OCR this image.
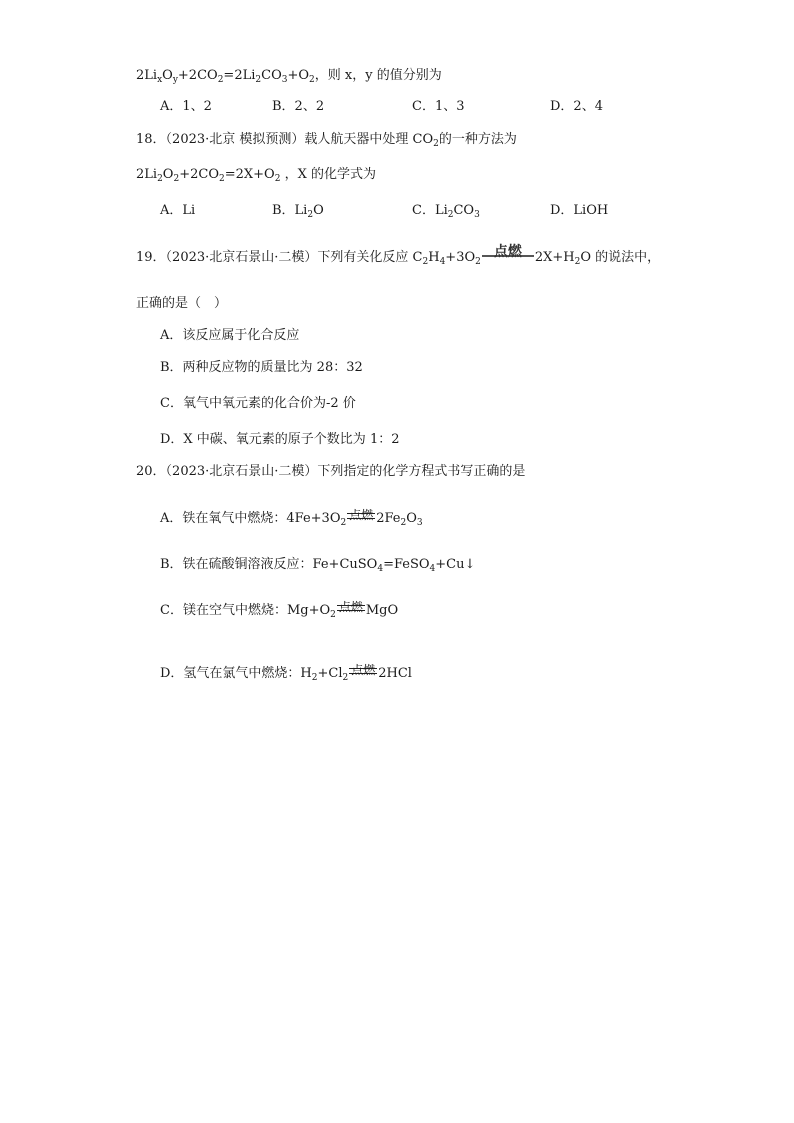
$2Li_xO_y+2CO_2=2Li_2CO_3+O_2$，则 x，y 的值分别为
A．1、2	B．2、2	C．1、3	D．2、4
18．（2023·北京 模拟预测）载人航天器中处理 $CO_2$的一种方法为
$2Li_2O_2+2CO_2=2X+O_2$ ，X 的化学式为
A．Li	B．$Li_2O$	C．$Li_2CO_3$	D．LiOH
19．（2023·北京石景山·二模）下列有关化反应 $C_2H_4+3O_2$
点燃	$2X+H_2O$ 的说法中，
正确的是（　）
A．该反应属于化合反应
B．两种反应物的质量比为 28：32
C．氧气中氧元素的化合价为-2 价
D．X 中碳、氧元素的原子个数比为 1：2
20．（2023·北京石景山·二模）下列指定的化学方程式书写正确的是
A．铁在氧气中燃烧：$4Fe+3O_2$
点燃 $2Fe_2O_3$
B．铁在硫酸铜溶液反应：Fe+CuSO$_4$=FeSO$_4$+Cu↓
C．镁在空气中燃烧：$Mg+O_2$
点燃 MgO
D．氢气在氯气中燃烧：$H_2+Cl_2$
点燃 2HCl
